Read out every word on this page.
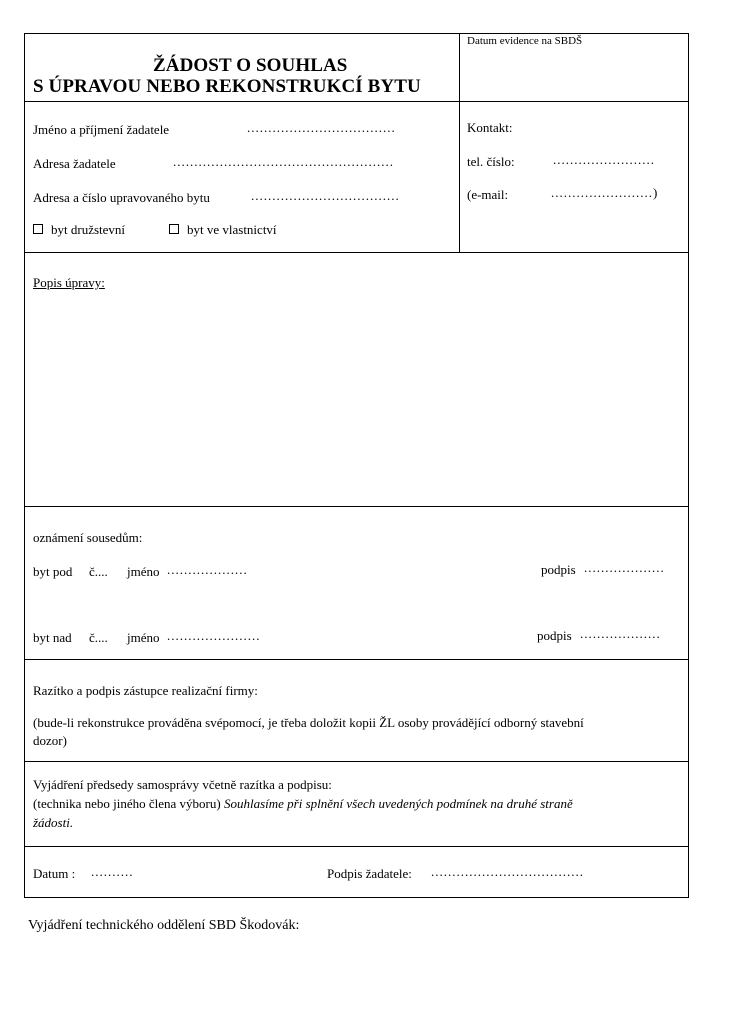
ŽÁDOST O SOUHLAS
S ÚPRAVOU NEBO REKONSTRUKCÍ BYTU
Datum evidence na SBDŠ
Jméno a příjmení žadatele	...................................
Adresa žadatele	....................................................
Adresa a číslo upravovaného bytu	...................................
byt družstevní	byt ve vlastnictví
Kontakt:
tel. číslo:	........................
(e-mail:	........................)
Popis úpravy:
oznámení sousedům:
byt pod č.... jméno ...................	podpis ...................
byt nad č.... jméno ......................	podpis ...................
Razítko a podpis zástupce realizační firmy:
(bude-li rekonstrukce prováděna svépomocí, je třeba doložit kopii ŽL osoby provádějící odborný stavební
dozor)
Vyjádření předsedy samosprávy včetně razítka a podpisu:
(technika nebo jiného člena výboru) Souhlasíme při splnění všech uvedených podmínek na druhé straně
žádosti.
Datum : ..........	Podpis žadatele: ....................................
Vyjádření technického oddělení SBD Škodovák:
